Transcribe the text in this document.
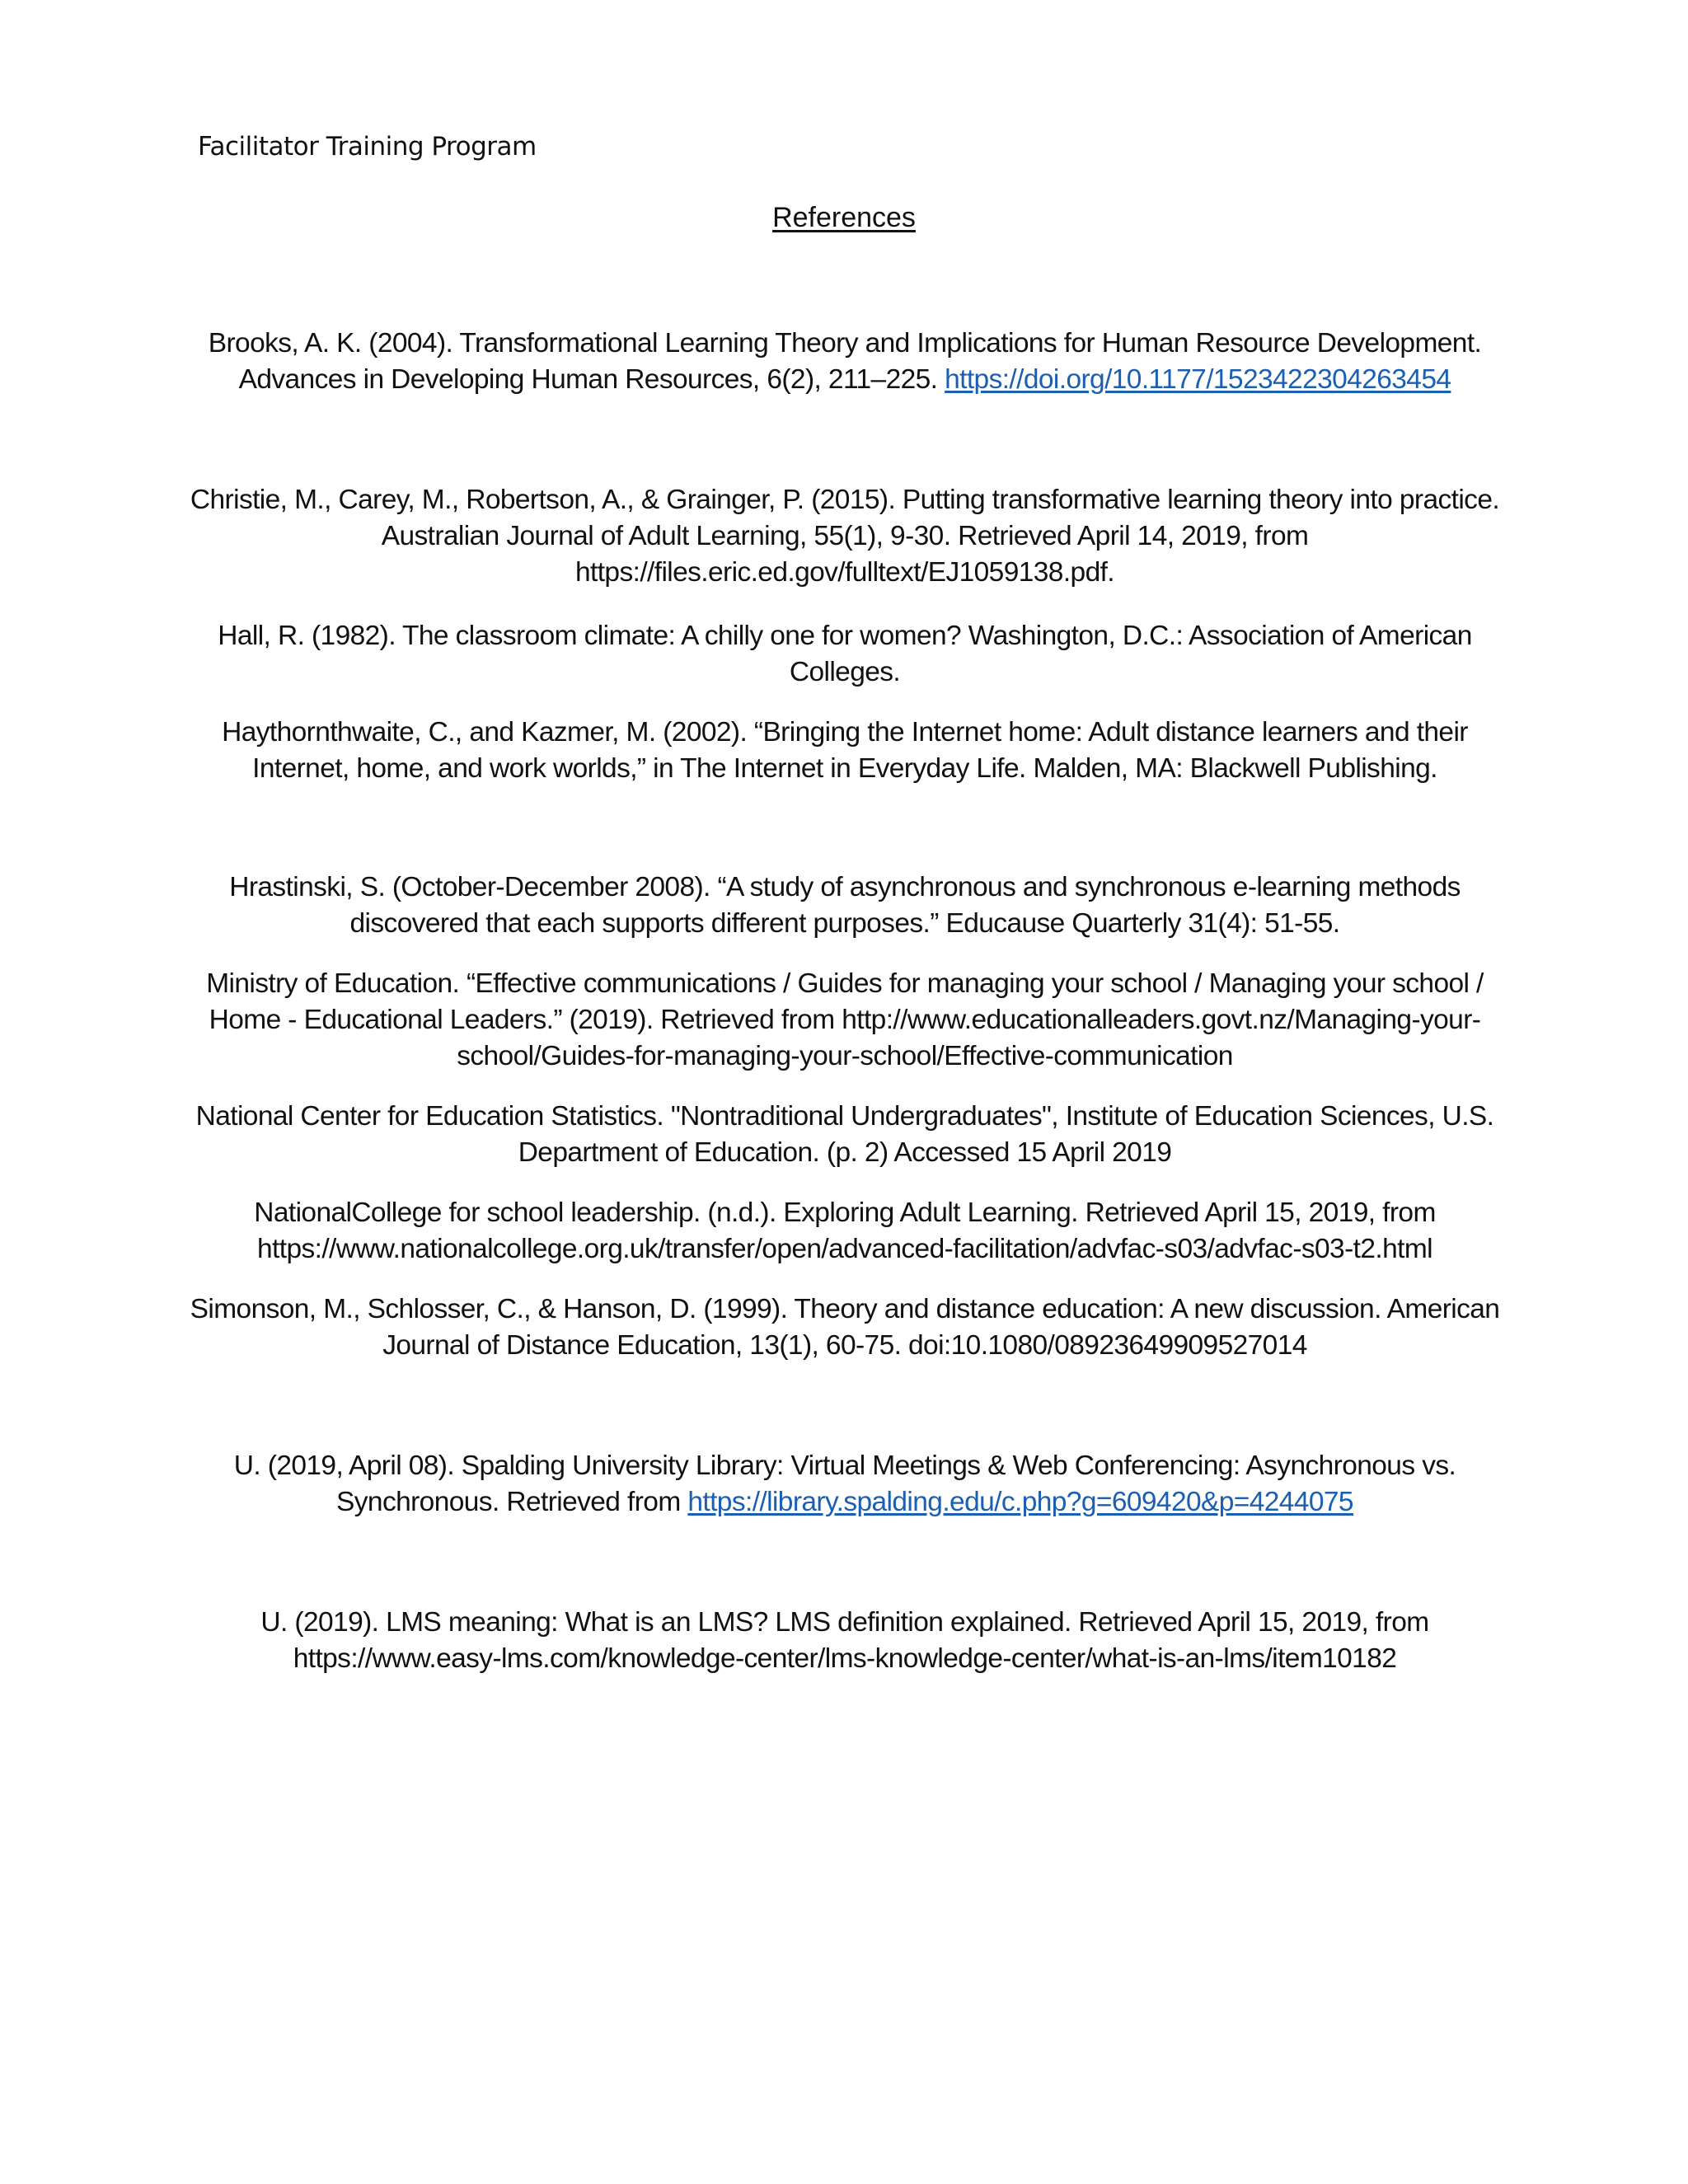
Facilitator Training Program
References

Brooks, A. K. (2004). Transformational Learning Theory and Implications for Human Resource Development. Advances in Developing Human Resources, 6(2), 211–225. https://doi.org/10.1177/1523422304263454

Christie, M., Carey, M., Robertson, A., & Grainger, P. (2015). Putting transformative learning theory into practice. Australian Journal of Adult Learning, 55(1), 9-30. Retrieved April 14, 2019, from https://files.eric.ed.gov/fulltext/EJ1059138.pdf.

Hall, R. (1982). The classroom climate: A chilly one for women? Washington, D.C.: Association of American Colleges.

Haythornthwaite, C., and Kazmer, M. (2002). “Bringing the Internet home: Adult distance learners and their Internet, home, and work worlds,” in The Internet in Everyday Life. Malden, MA: Blackwell Publishing.

Hrastinski, S. (October-December 2008). “A study of asynchronous and synchronous e-learning methods discovered that each supports different purposes.” Educause Quarterly 31(4): 51-55.

Ministry of Education. “Effective communications / Guides for managing your school / Managing your school / Home - Educational Leaders.” (2019). Retrieved from http://www.educationalleaders.govt.nz/Managing-your-school/Guides-for-managing-your-school/Effective-communication

National Center for Education Statistics. "Nontraditional Undergraduates", Institute of Education Sciences, U.S. Department of Education. (p. 2) Accessed 15 April 2019

NationalCollege for school leadership. (n.d.). Exploring Adult Learning. Retrieved April 15, 2019, from https://www.nationalcollege.org.uk/transfer/open/advanced-facilitation/advfac-s03/advfac-s03-t2.html

Simonson, M., Schlosser, C., & Hanson, D. (1999). Theory and distance education: A new discussion. American Journal of Distance Education, 13(1), 60-75. doi:10.1080/08923649909527014

U. (2019, April 08). Spalding University Library: Virtual Meetings & Web Conferencing: Asynchronous vs. Synchronous. Retrieved from https://library.spalding.edu/c.php?g=609420&p=4244075

U. (2019). LMS meaning: What is an LMS? LMS definition explained. Retrieved April 15, 2019, from https://www.easy-lms.com/knowledge-center/lms-knowledge-center/what-is-an-lms/item10182
